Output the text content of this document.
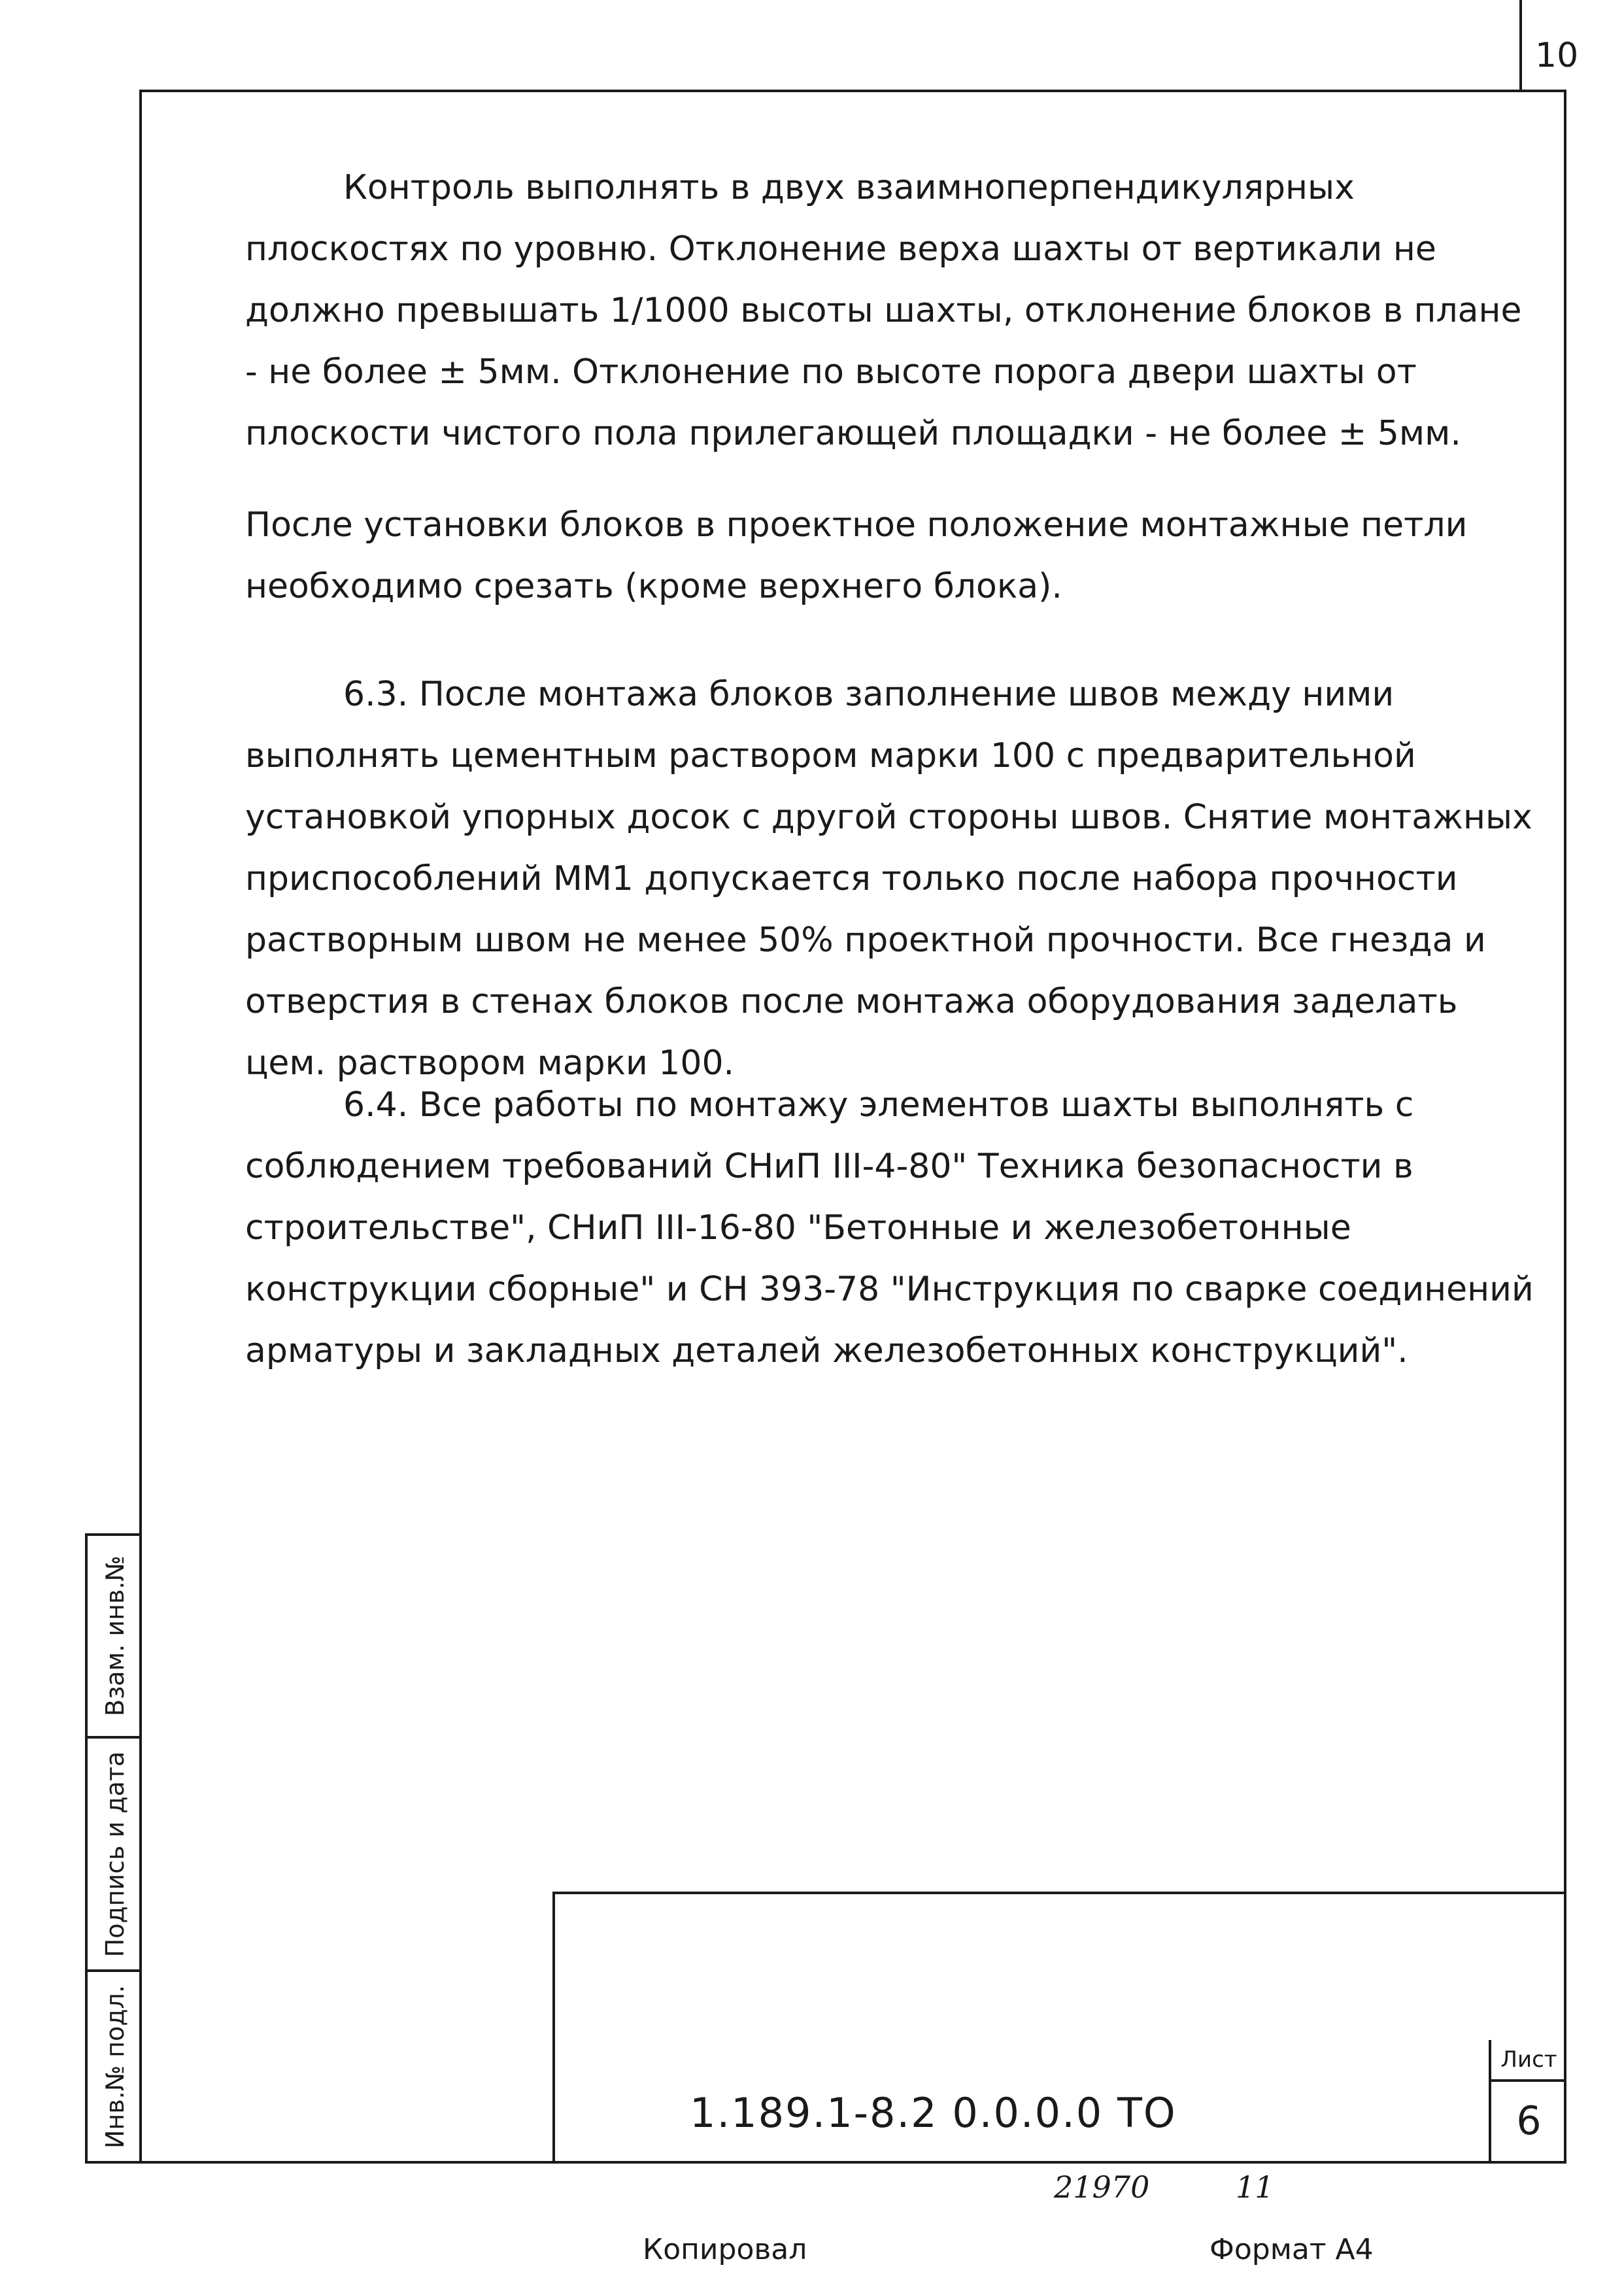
10

Контроль выполнять в двух взаимноперпендикулярных плоскостях по уровню. Отклонение верха шахты от вертикали не должно превышать 1/1000 высоты шахты, отклонение блоков в плане - не более ± 5мм. Отклонение по высоте порога двери шахты от плоскости чистого пола прилегающей площадки - не более ± 5мм.

После установки блоков в проектное положение монтажные петли необходимо срезать (кроме верхнего блока).

6.3. После монтажа блоков заполнение швов между ними выполнять цементным раствором марки 100 с предварительной установкой упорных досок с другой стороны швов. Снятие монтажных приспособлений ММ1 допускается только после набора прочности растворным швом не менее 50% проектной прочности. Все гнезда и отверстия в стенах блоков после монтажа оборудования заделать цем. раствором марки 100.

6.4. Все работы по монтажу элементов шахты выполнять с соблюдением требований СНиП III-4-80" Техника безопасности в строительстве", СНиП III-16-80 "Бетонные и железобетонные конструкции сборные" и СН 393-78 "Инструкция по сварке соединений арматуры и закладных деталей железобетонных конструкций".

Взам. инв.№
Подпись и дата
Инв.№ подл.	1.189.1-8.2 0.0.0.0 ТО
Лист
6
21970	11
Копировал	Формат А4
